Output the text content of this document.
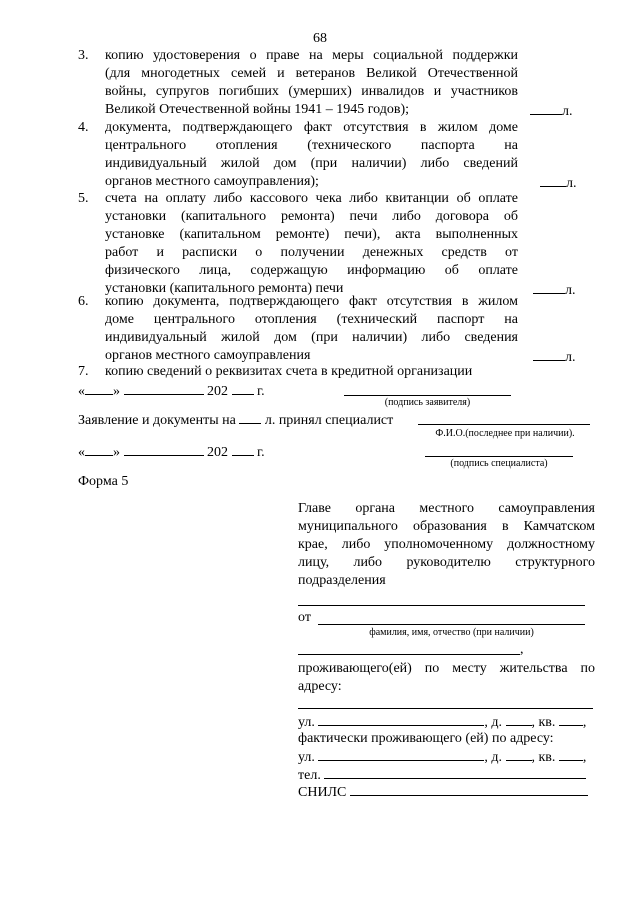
68
3.	копию удостоверения о праве на меры социальной поддержки
(для многодетных семей и ветеранов Великой Отечественной
войны, супругов погибших (умерших) инвалидов и участников
Великой Отечественной войны 1941 – 1945 годов);	л.
4.	документа, подтверждающего факт отсутствия в жилом доме
центрального отопления (технического паспорта на
индивидуальный жилой дом (при наличии) либо сведений
органов местного самоуправления);	л.
5.	счета на оплату либо кассового чека либо квитанции об оплате
установки (капитального ремонта) печи либо договора об
установке (капитальном ремонте) печи), акта выполненных
работ и расписки о получении денежных средств от
физического лица, содержащую информацию об оплате
установки (капитального ремонта) печи	л.
6.	копию документа, подтверждающего факт отсутствия в жилом
доме центрального отопления (технический паспорт на
индивидуальный жилой дом (при наличии) либо сведения
органов местного самоуправления	л.
7.	копию сведений о реквизитах счета в кредитной организации
« »	202 г.
(подпись заявителя)
Заявление и документы на л. принял специалист
Ф.И.О.(последнее при наличии).
« »	202 г.
(подпись специалиста)
Форма 5
Главе органа местного самоуправления
муниципального образования в Камчатском
крае, либо уполномоченному должностному
лицу, либо руководителю структурного
подразделения
от
фамилия, имя, отчество (при наличии)
,
проживающего(ей) по месту жительства по
адресу:
ул.	, д. , кв. ,
фактически проживающего (ей) по адресу:
ул.	, д. , кв. ,
тел.
СНИЛС
